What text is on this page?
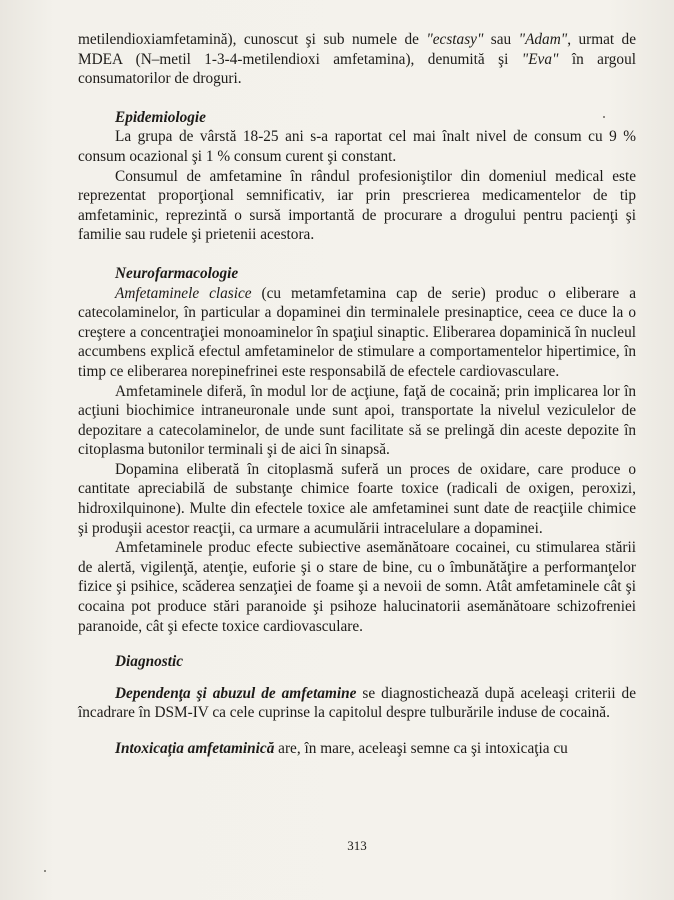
metilendioxiamfetamină), cunoscut şi sub numele de "ecstasy" sau "Adam", urmat de MDEA (N–metil 1-3-4-metilendioxi amfetamina), denumită şi "Eva" în argoul consumatorilor de droguri.

Epidemiologie

La grupa de vârstă 18-25 ani s-a raportat cel mai înalt nivel de consum cu 9 % consum ocazional şi 1 % consum curent şi constant.

Consumul de amfetamine în rândul profesioniştilor din domeniul medical este reprezentat proporţional semnificativ, iar prin prescrierea medicamentelor de tip amfetaminic, reprezintă o sursă importantă de procurare a drogului pentru pacienţi şi familie sau rudele şi prietenii acestora.

Neurofarmacologie

Amfetaminele clasice (cu metamfetamina cap de serie) produc o eliberare a catecolaminelor, în particular a dopaminei din terminalele presinaptice, ceea ce duce la o creştere a concentraţiei monoaminelor în spaţiul sinaptic. Eliberarea dopaminică în nucleul accumbens explică efectul amfetaminelor de stimulare a comportamentelor hipertimice, în timp ce eliberarea norepinefrinei este responsabilă de efectele cardiovasculare.

Amfetaminele diferă, în modul lor de acţiune, faţă de cocaină; prin implicarea lor în acţiuni biochimice intraneuronale unde sunt apoi, transportate la nivelul veziculelor de depozitare a catecolaminelor, de unde sunt facilitate să se prelingă din aceste depozite în citoplasma butonilor terminali şi de aici în sinapsă.

Dopamina eliberată în citoplasmă suferă un proces de oxidare, care produce o cantitate apreciabilă de substanţe chimice foarte toxice (radicali de oxigen, peroxizi, hidroxilquinone). Multe din efectele toxice ale amfetaminei sunt date de reacţiile chimice şi produşii acestor reacţii, ca urmare a acumulării intracelulare a dopaminei.

Amfetaminele produc efecte subiective asemănătoare cocainei, cu stimularea stării de alertă, vigilenţă, atenţie, euforie şi o stare de bine, cu o îmbunătăţire a performanţelor fizice şi psihice, scăderea senzaţiei de foame şi a nevoii de somn. Atât amfetaminele cât şi cocaina pot produce stări paranoide şi psihoze halucinatorii asemănătoare schizofreniei paranoide, cât şi efecte toxice cardiovasculare.

Diagnostic

Dependenţa şi abuzul de amfetamine se diagnostichează după aceleaşi criterii de încadrare în DSM-IV ca cele cuprinse la capitolul despre tulburările induse de cocaină.

Intoxicaţia amfetaminică are, în mare, aceleaşi semne ca şi intoxicaţia cu

313
